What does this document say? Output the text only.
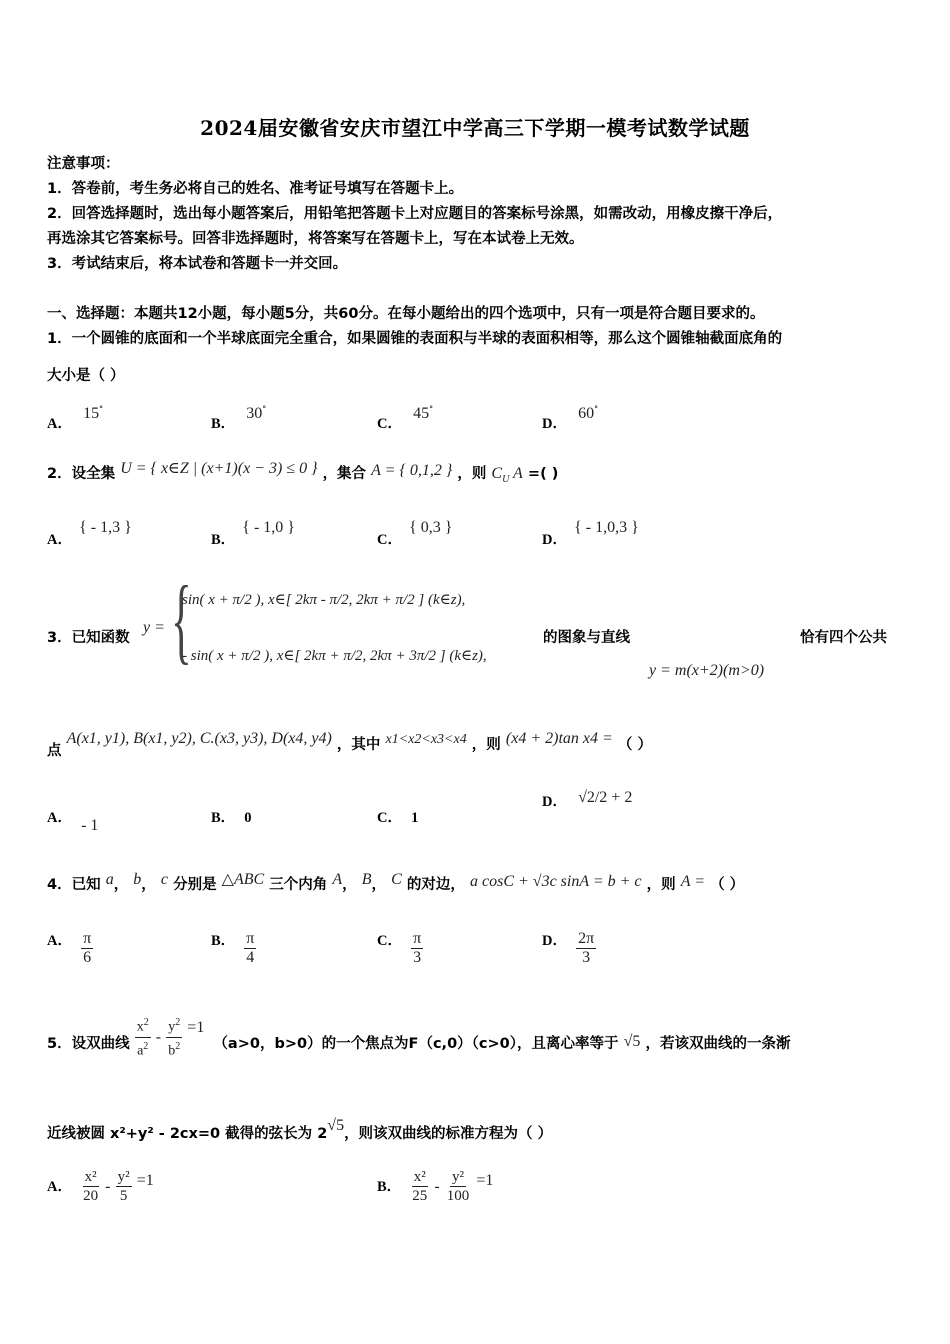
2024届安徽省安庆市望江中学高三下学期一模考试数学试题
注意事项：
1．答卷前，考生务必将自己的姓名、准考证号填写在答题卡上。
2．回答选择题时，选出每小题答案后，用铅笔把答题卡上对应题目的答案标号涂黑，如需改动，用橡皮擦干净后，
再选涂其它答案标号。回答非选择题时，将答案写在答题卡上，写在本试卷上无效。
3．考试结束后，将本试卷和答题卡一并交回。
一、选择题：本题共12小题，每小题5分，共60分。在每小题给出的四个选项中，只有一项是符合题目要求的。
1．一个圆锥的底面和一个半球底面完全重合，如果圆锥的表面积与半球的表面积相等，那么这个圆锥轴截面底角的
大小是（ ）
A． 15°
B． 30°
C． 45°
D． 60°
2．设全集 U = { x∈Z | (x+1)(x − 3) ≤ 0 } ，集合 A = { 0,1,2 } ，则 $C_U$ A =( )
A． { - 1,3 }
B． { - 1,0 }
C． { 0,3 }
D． { - 1,0,3 }
3．已知函数
y = {
sin( x + π/2 ), x∈[ 2kπ - π/2, 2kπ + π/2 ] (k∈z),
- sin( x + π/2 ), x∈[ 2kπ + π/2, 2kπ + 3π/2 ] (k∈z),
的图象与直线	恰有四个公共
y = m(x+2)(m>0)
点 A(x1, y1), B(x1, y2), C.(x3, y3), D(x4, y4) ，其中 x1<x2<x3<x4 ，则 (x4 + 2)tan x4 = （ ）
A． - 1	B． 0	C． 1
D． √2/2 + 2
4．已知 a， b， c 分别是 △ABC 三个内角 A， B， C 的对边， a cosC + √3c sinA = b + c ，则 A = （ ）
A． $\frac{\pi}{6}$	B． $\frac{\pi}{4}$	C． $\frac{\pi}{3}$	D． $\frac{2\pi}{3}$
5．设双曲线 $\frac{x^2}{a^2} - \frac{y^2}{b^2} =1$ （a>0，b>0）的一个焦点为F（c,0）（c>0），且离心率等于 √5 ，若该双曲线的一条渐
近线被圆 x²+y² - 2cx=0 截得的弦长为 2√5，则该双曲线的标准方程为（ ）
A． $\frac{\text{x²}}{20} - \frac{\text{y²}}{5} =1$	B． $\frac{\text{x²}}{25} - \frac{\text{y²}}{100} =1$
